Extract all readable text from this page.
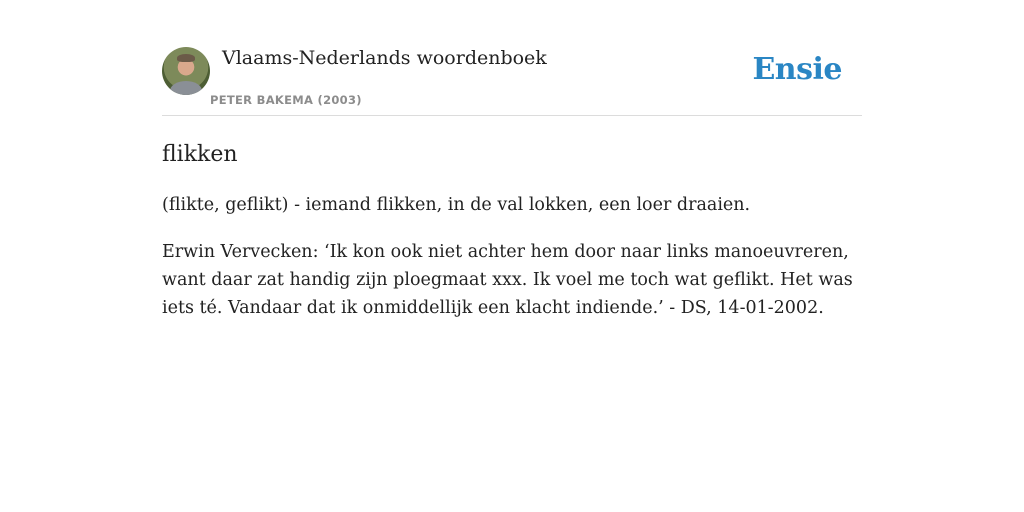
Vlaams-Nederlands woordenboek
PETER BAKEMA (2003)
Ensie
flikken

(flikte, geflikt) - iemand flikken, in de val lokken, een loer draaien.

Erwin Vervecken: ‘Ik kon ook niet achter hem door naar links manoeuvreren, want daar zat handig zijn ploegmaat xxx. Ik voel me toch wat geflikt. Het was iets té. Vandaar dat ik onmiddellijk een klacht indiende.’ - DS, 14-01-2002.
